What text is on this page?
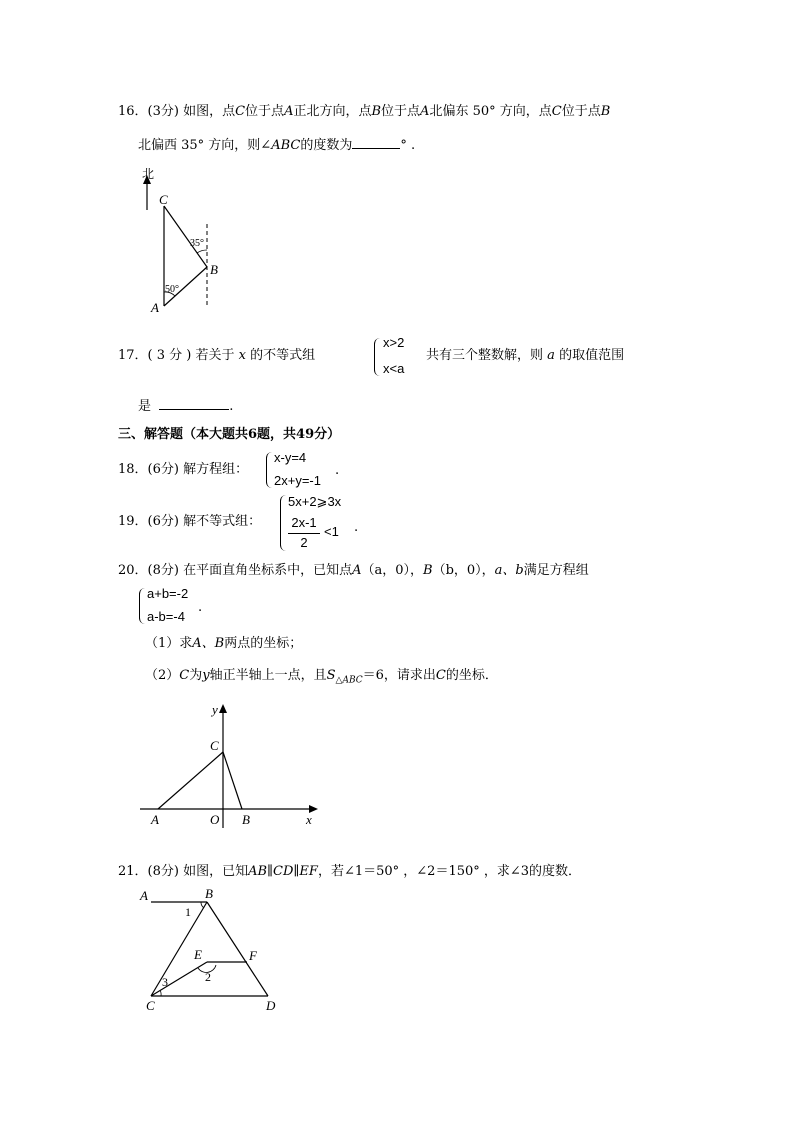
16．(3分) 如图，点C位于点A正北方向，点B位于点A北偏东 50° 方向，点C位于点B
北偏西 35° 方向，则∠ABC的度数为	° .
北
C
B
A
35°
50°
17．( 3 分 ) 若关于 x 的不等式组
x>2
x<a
共有三个整数解，则 a 的取值范围
是	.
三、解答题（本大题共6题，共49分）
18．(6分) 解方程组：
x-y=4
2x+y=-1
.
19．(6分) 解不等式组：
5x+2⩾3x
2x-1
2
<1 .
20．(8分) 在平面直角坐标系中，已知点A（a，0），B（b，0），a、b满足方程组
a+b=-2
a-b=-4
.
（1）求A、B两点的坐标；
（2）C为y轴正半轴上一点，且$S_{\triangle ABC}=6$，请求出C的坐标．
y
x
C
A	O B
21．(8分) 如图，已知AB∥CD∥EF，若∠1＝50° ，∠2＝150° ，求∠3的度数．
A	B
E	F
C	D
1
2
3
